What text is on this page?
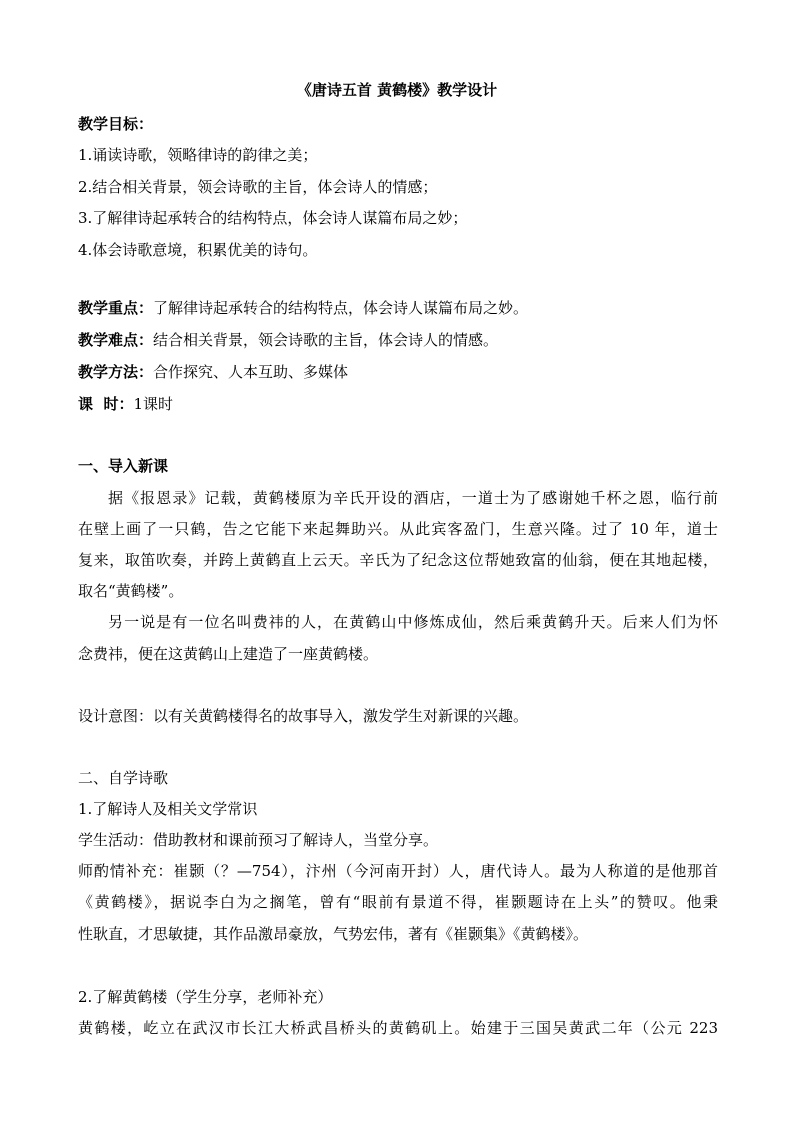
《唐诗五首 黄鹤楼》教学设计
教学目标：
1.诵读诗歌，领略律诗的韵律之美；
2.结合相关背景，领会诗歌的主旨，体会诗人的情感；
3.了解律诗起承转合的结构特点，体会诗人谋篇布局之妙；
4.体会诗歌意境，积累优美的诗句。
教学重点：了解律诗起承转合的结构特点，体会诗人谋篇布局之妙。
教学难点：结合相关背景，领会诗歌的主旨，体会诗人的情感。
教学方法：合作探究、人本互助、多媒体
课  时：1课时
一、导入新课
据《报恩录》记载，黄鹤楼原为辛氏开设的酒店，一道士为了感谢她千杯之恩，临行前
在壁上画了一只鹤，告之它能下来起舞助兴。从此宾客盈门，生意兴隆。过了 10 年，道士
复来，取笛吹奏，并跨上黄鹤直上云天。辛氏为了纪念这位帮她致富的仙翁，便在其地起楼，
取名“黄鹤楼”。
另一说是有一位名叫费祎的人，在黄鹤山中修炼成仙，然后乘黄鹤升天。后来人们为怀
念费祎，便在这黄鹤山上建造了一座黄鹤楼。
设计意图：以有关黄鹤楼得名的故事导入，激发学生对新课的兴趣。
二、自学诗歌
1.了解诗人及相关文学常识
学生活动：借助教材和课前预习了解诗人，当堂分享。
师酌情补充：崔颢（？—754），汴州（今河南开封）人，唐代诗人。最为人称道的是他那首
《黄鹤楼》，据说李白为之搁笔，曾有“眼前有景道不得，崔颢题诗在上头”的赞叹。他秉
性耿直，才思敏捷，其作品激昂豪放，气势宏伟，著有《崔颢集》《黄鹤楼》。
2.了解黄鹤楼（学生分享，老师补充）
黄鹤楼，屹立在武汉市长江大桥武昌桥头的黄鹤矶上。始建于三国吴黄武二年（公元 223
